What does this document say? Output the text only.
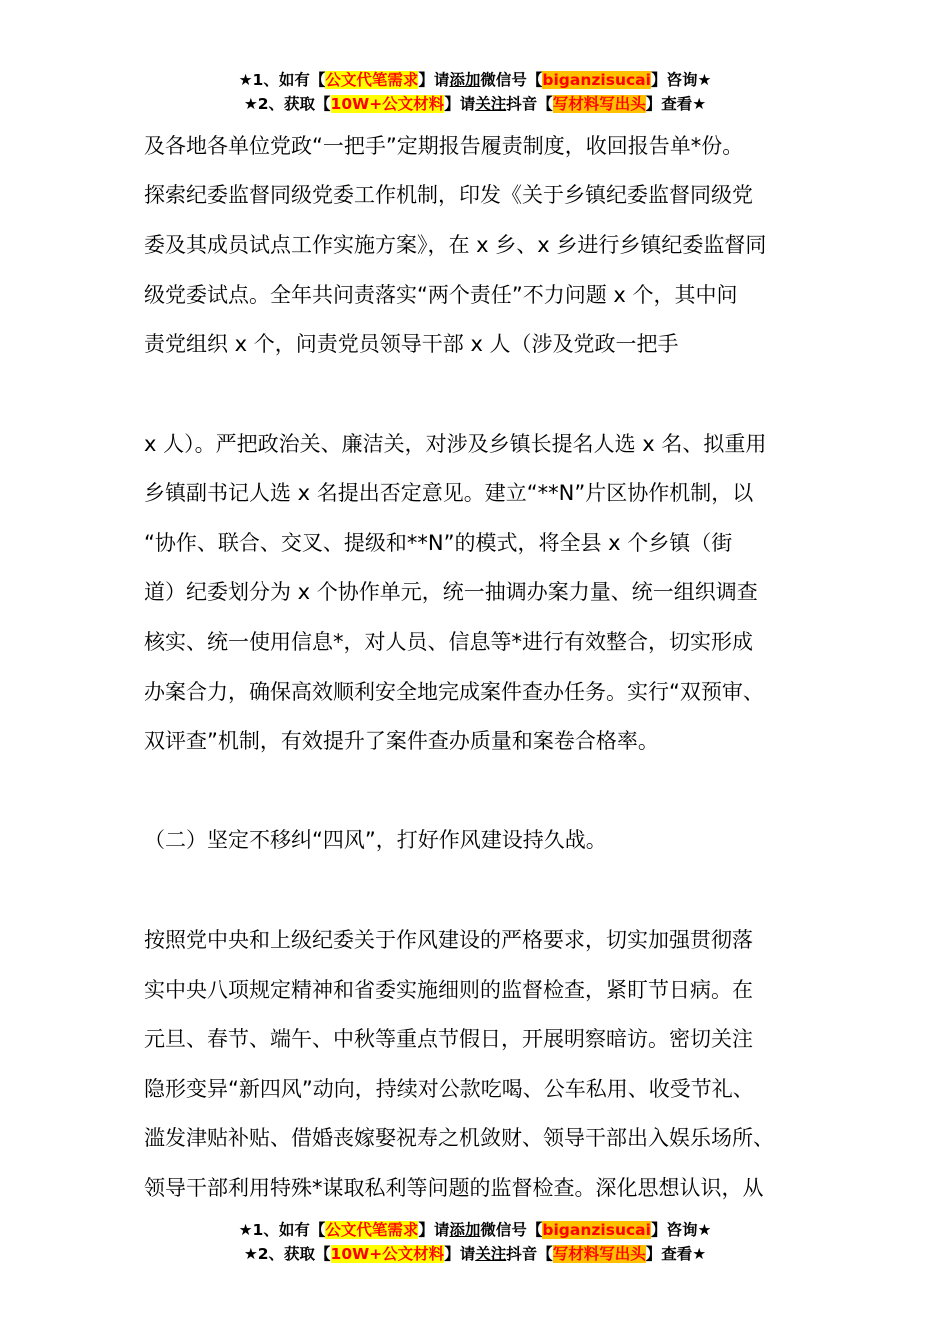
★1、如有【公文代笔需求】请添加微信号【biganzisucai】咨询★
★2、获取【10W+公文材料】请关注抖音【写材料写出头】查看★
及各地各单位党政“一把手”定期报告履责制度，收回报告单*份。
探索纪委监督同级党委工作机制，印发《关于乡镇纪委监督同级党
委及其成员试点工作实施方案》，在 x 乡、x 乡进行乡镇纪委监督同
级党委试点。全年共问责落实“两个责任”不力问题 x 个，其中问
责党组织 x 个，问责党员领导干部 x 人（涉及党政一把手
x 人）。严把政治关、廉洁关，对涉及乡镇长提名人选 x 名、拟重用
乡镇副书记人选 x 名提出否定意见。建立“**N”片区协作机制，以
“协作、联合、交叉、提级和**N”的模式，将全县 x 个乡镇（街
道）纪委划分为 x 个协作单元，统一抽调办案力量、统一组织调查
核实、统一使用信息*，对人员、信息等*进行有效整合，切实形成
办案合力，确保高效顺利安全地完成案件查办任务。实行“双预审、
双评查”机制，有效提升了案件查办质量和案卷合格率。
（二）坚定不移纠“四风”，打好作风建设持久战。
按照党中央和上级纪委关于作风建设的严格要求，切实加强贯彻落
实中央八项规定精神和省委实施细则的监督检查，紧盯节日病。在
元旦、春节、端午、中秋等重点节假日，开展明察暗访。密切关注
隐形变异“新四风”动向，持续对公款吃喝、公车私用、收受节礼、
滥发津贴补贴、借婚丧嫁娶祝寿之机敛财、领导干部出入娱乐场所、
领导干部利用特殊*谋取私利等问题的监督检查。深化思想认识，从
★1、如有【公文代笔需求】请添加微信号【biganzisucai】咨询★
★2、获取【10W+公文材料】请关注抖音【写材料写出头】查看★
